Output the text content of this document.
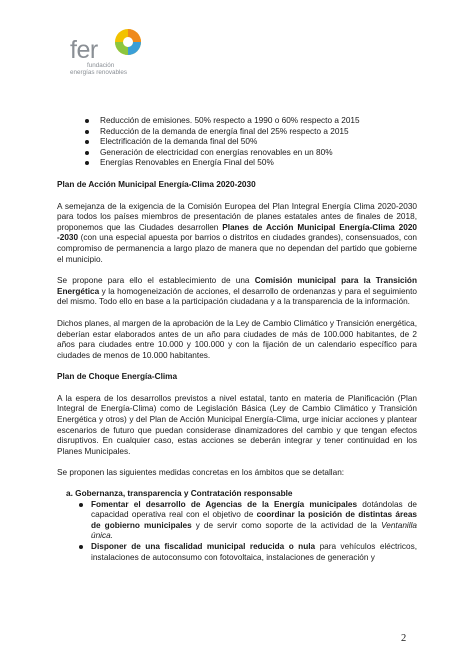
fer
fundación
energías renovables
Reducción de emisiones. 50% respecto a 1990 o 60% respecto a 2015
Reducción de la demanda de energía final del 25% respecto a 2015
Electrificación de la demanda final del 50%
Generación de electricidad con energías renovables en un 80%
Energías Renovables en Energía Final del 50%
Plan de Acción Municipal Energía-Clima 2020-2030

A semejanza de la exigencia de la Comisión Europea del Plan Integral Energía Clima 2020-2030 para todos los países miembros de presentación de planes estatales antes de finales de 2018, proponemos que las Ciudades desarrollen Planes de Acción Municipal Energía-Clima 2020 -2030 (con una especial apuesta por barrios o distritos en ciudades grandes), consensuados, con compromiso de permanencia a largo plazo de manera que no dependan del partido que gobierne el municipio.

Se propone para ello el establecimiento de una Comisión municipal para la Transición Energética y la homogeneización de acciones, el desarrollo de ordenanzas y para el seguimiento del mismo. Todo ello en base a la participación ciudadana y a la transparencia de la información.

Dichos planes, al margen de la aprobación de la Ley de Cambio Climático y Transición energética, deberían estar elaborados antes de un año para ciudades de más de 100.000 habitantes, de 2 años para ciudades entre 10.000 y 100.000 y con la fijación de un calendario específico para ciudades de menos de 10.000 habitantes.

Plan de Choque Energía-Clima

A la espera de los desarrollos previstos a nivel estatal, tanto en materia de Planificación (Plan Integral de Energía-Clima) como de Legislación Básica (Ley de Cambio Climático y Transición Energética y otros) y del Plan de Acción Municipal Energía-Clima, urge iniciar acciones y plantear escenarios de futuro que puedan considerase dinamizadores del cambio y que tengan efectos disruptivos. En cualquier caso, estas acciones se deberán integrar y tener continuidad en los Planes Municipales.

Se proponen las siguientes medidas concretas en los ámbitos que se detallan:

a. Gobernanza, transparencia y Contratación responsable
Fomentar el desarrollo de Agencias de la Energía municipales dotándolas de capacidad operativa real con el objetivo de coordinar la posición de distintas áreas de gobierno municipales y de servir como soporte de la actividad de la Ventanilla única.
Disponer de una fiscalidad municipal reducida o nula para vehículos eléctricos, instalaciones de autoconsumo con fotovoltaica, instalaciones de generación y
2
